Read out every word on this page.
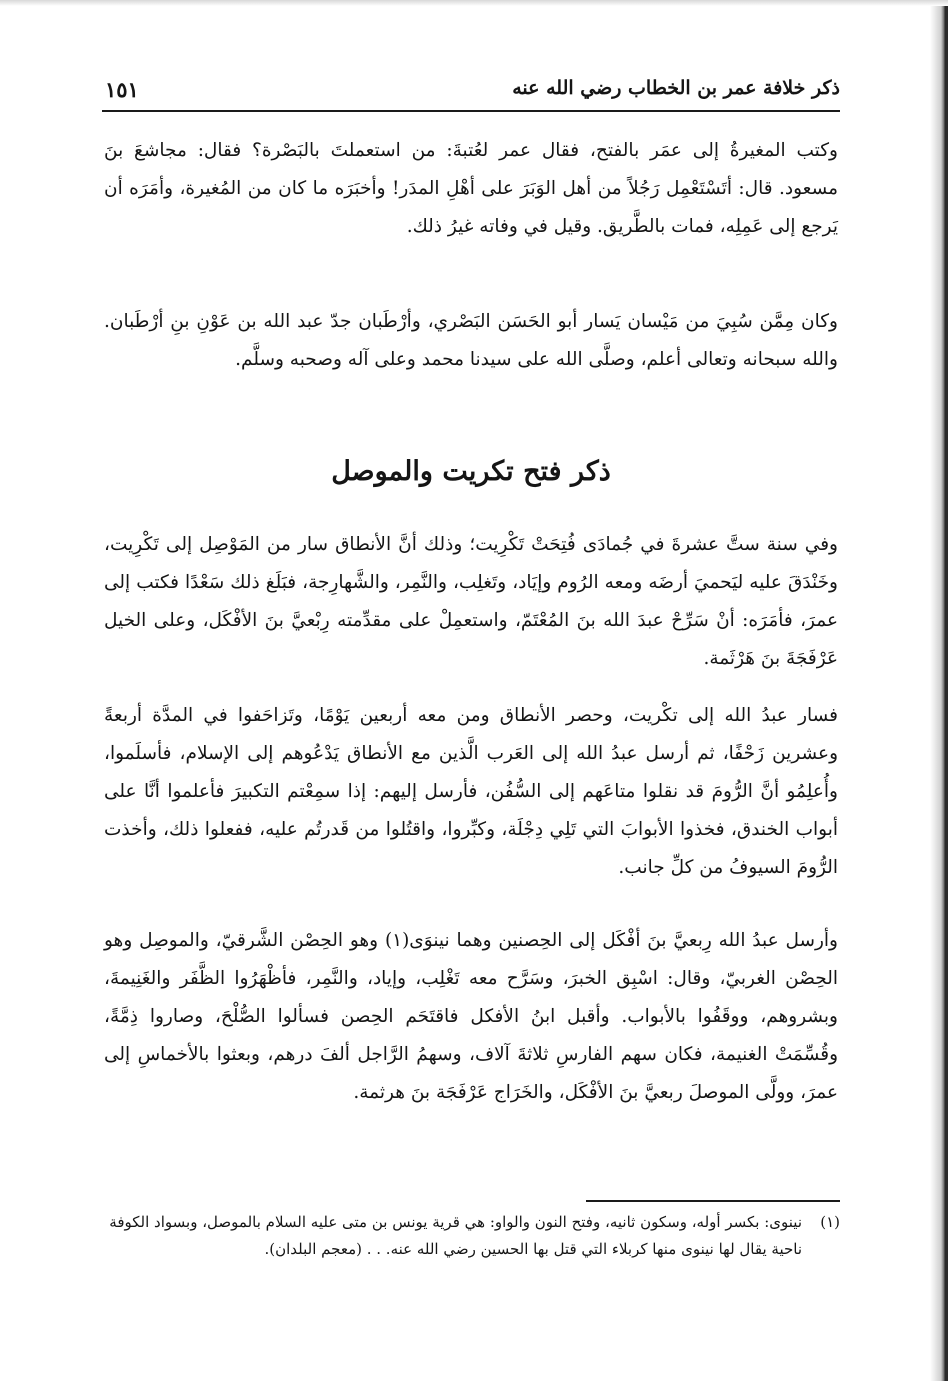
ذكر خلافة عمر بن الخطاب رضي الله عنه
١٥١

وكتب المغيرةُ إلى عمَر بالفتح، فقال عمر لعُتبةَ: من استعملتَ بالبَصْرة؟ فقال: مجاشعَ بنَ مسعود. قال: أتَسْتَعْمِل رَجُلاً من أهل الوَبَرَ على أهْلِ المدَر! وأخبَرَه ما كان من المُغيرة، وأمَرَه أن يَرجع إلى عَمِلِه، فمات بالطَّريق. وقيل في وفاته غيرُ ذلك.

وكان مِمَّن سُبِيَ من مَيْسان يَسار أبو الحَسَن البَصْري، وأرْطَبان جدّ عبد الله بن عَوْنِ بنِ أرْطَبان. والله سبحانه وتعالى أعلم، وصلَّى الله على سيدنا محمد وعلى آله وصحبه وسلَّم.

ذكر فتح تكريت والموصل

وفي سنة ستَّ عشرةَ في جُمادَى فُتِحَتْ تَكْرِيت؛ وذلك أنَّ الأنطاق سار من المَوْصِل إلى تَكْرِيت، وخَنْدَقَ عليه ليَحميَ أرضَه ومعه الرُوم وإيَاد، وتَغلِب، والنَّمِر، والشَّهارِجة، فبَلَغ ذلك سَعْدًا فكتب إلى عمرَ، فأمَرَه: أنْ سَرِّحْ عبدَ الله بنَ المُعْتَمّ، واستعمِلْ على مقدِّمته رِبْعيَّ بنَ الأفْكَل، وعلى الخيل عَرْفَجَةَ بنَ هَرْثَمة.

فسار عبدُ الله إلى تكْريت، وحصر الأنطاق ومن معه أربعين يَوْمًا، وتَزاحَفوا في المدَّة أربعةً وعشرين زَحْفًا، ثم أرسل عبدُ الله إلى العَرب الَّذين مع الأنطاق يَدْعُوهم إلى الإسلام، فأسلَموا، وأُعلِمُو أنَّ الرُّومَ قد نقلوا متاعَهم إلى السُّفُن، فأرسل إليهم: إذا سمِعْتم التكبيرَ فأعلموا أنَّا على أبواب الخندق، فخذوا الأبوابَ التي تَلِي دِجْلَة، وكبِّروا، واقتُلوا من قَدرتُم عليه، ففعلوا ذلك، وأخذت الرُّومَ السيوفُ من كلِّ جانب.

وأرسل عبدُ الله رِبعيَّ بنَ أفْكَل إلى الحِصنين وهما نينوَى(١) وهو الحِصْن الشَّرقيّ، والموصِل وهو الحِصْن الغربيّ، وقال: اسْبِق الخبرَ، وسَرَّح معه تَغْلِب، وإياد، والنَّمِر، فأظْهَرُوا الظَّفَر والغَنِيمةَ، وبشروهم، ووقَفُوا بالأبواب. وأقبل ابنُ الأفكل فاقتَحَم الحِصن فسألوا الصُّلْحَ، وصاروا ذِمَّةً، وقُسِّمَتْ الغنيمة، فكان سهم الفارسِ ثلاثةَ آلاف، وسهمُ الرَّاجل ألفَ درهم، وبعثوا بالأخماسِ إلى عمرَ، وولَّى الموصلَ ربعيَّ بنَ الأفْكَل، والخَرَاج عَرْفَجَة بنَ هرثمة.

(١)
نينوى: بكسر أوله، وسكون ثانيه، وفتح النون والواو: هي قرية يونس بن متى عليه السلام بالموصل، وبسواد الكوفة ناحية يقال لها نينوى منها كربلاء التي قتل بها الحسين رضي الله عنه. . . (معجم البلدان).
